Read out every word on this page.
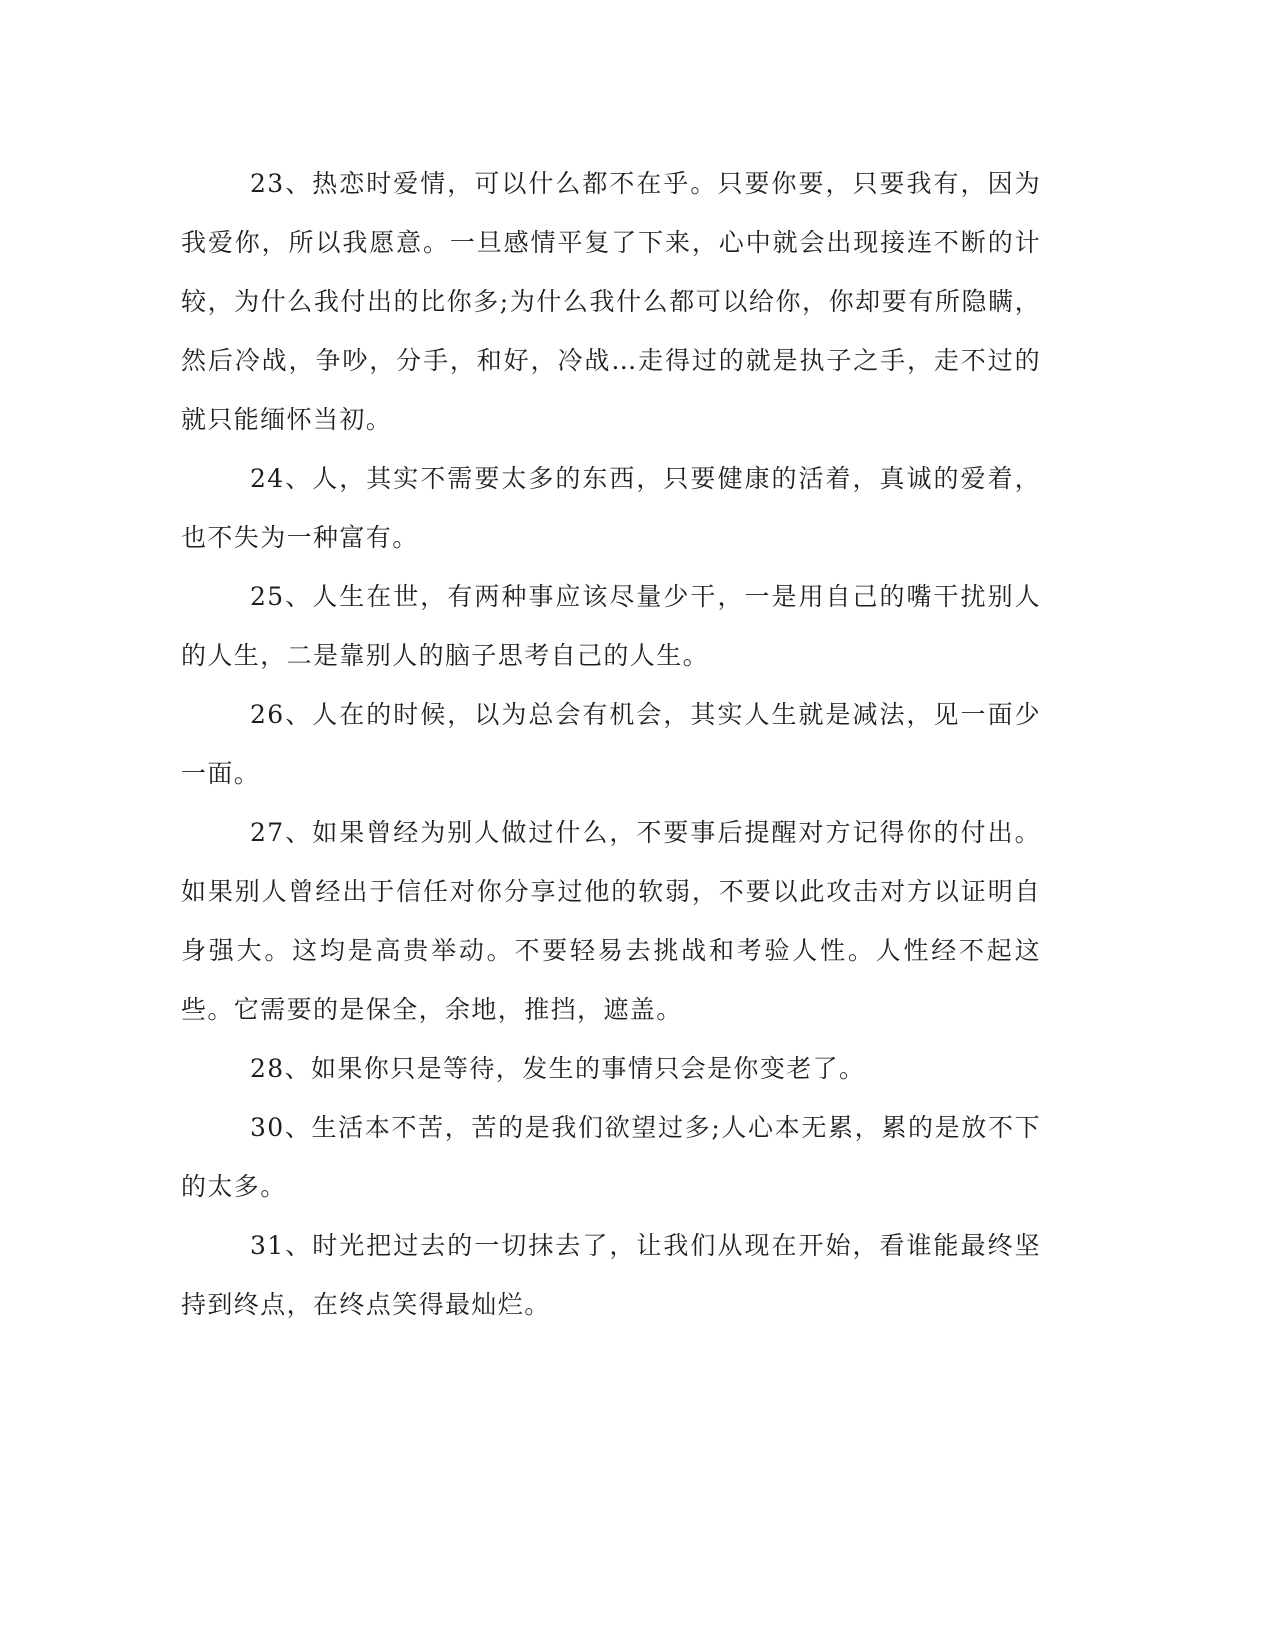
23、热恋时爱情，可以什么都不在乎。只要你要，只要我有，因为我爱你，所以我愿意。一旦感情平复了下来，心中就会出现接连不断的计较，为什么我付出的比你多;为什么我什么都可以给你，你却要有所隐瞒，然后冷战，争吵，分手，和好，冷战…走得过的就是执子之手，走不过的就只能缅怀当初。

24、人，其实不需要太多的东西，只要健康的活着，真诚的爱着，也不失为一种富有。

25、人生在世，有两种事应该尽量少干，一是用自己的嘴干扰别人的人生，二是靠别人的脑子思考自己的人生。

26、人在的时候，以为总会有机会，其实人生就是减法，见一面少一面。

27、如果曾经为别人做过什么，不要事后提醒对方记得你的付出。如果别人曾经出于信任对你分享过他的软弱，不要以此攻击对方以证明自身强大。这均是高贵举动。不要轻易去挑战和考验人性。人性经不起这些。它需要的是保全，余地，推挡，遮盖。

28、如果你只是等待，发生的事情只会是你变老了。

30、生活本不苦，苦的是我们欲望过多;人心本无累，累的是放不下的太多。

31、时光把过去的一切抹去了，让我们从现在开始，看谁能最终坚持到终点，在终点笑得最灿烂。
